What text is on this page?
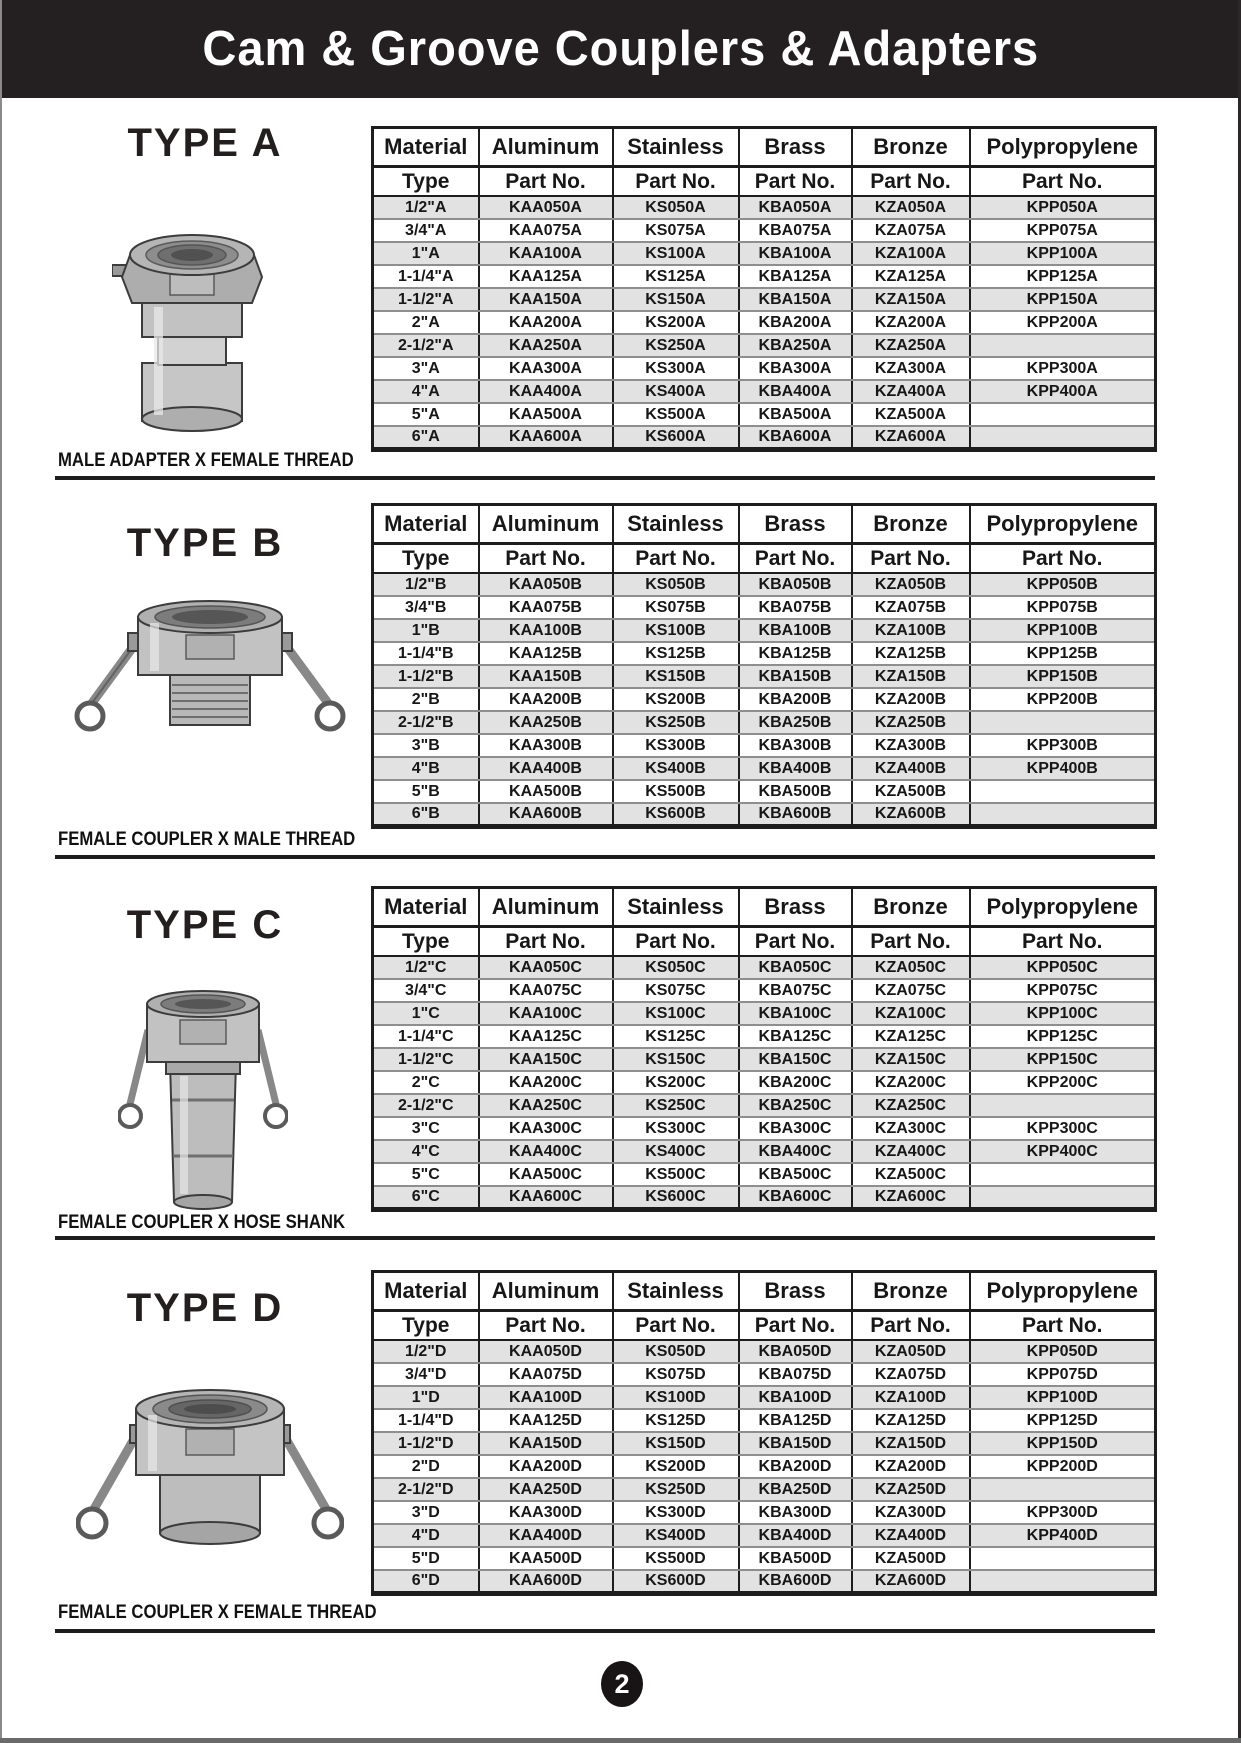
Cam & Groove Couplers & Adapters
TYPE A
MALE ADAPTER X FEMALE THREAD
Material	Aluminum	Stainless	Brass	Bronze	Polypropylene
Type	Part No.	Part No.	Part No.	Part No.	Part No.
1/2"A	KAA050A	KS050A	KBA050A	KZA050A	KPP050A
3/4"A	KAA075A	KS075A	KBA075A	KZA075A	KPP075A
1"A	KAA100A	KS100A	KBA100A	KZA100A	KPP100A
1-1/4"A	KAA125A	KS125A	KBA125A	KZA125A	KPP125A
1-1/2"A	KAA150A	KS150A	KBA150A	KZA150A	KPP150A
2"A	KAA200A	KS200A	KBA200A	KZA200A	KPP200A
2-1/2"A	KAA250A	KS250A	KBA250A	KZA250A	
3"A	KAA300A	KS300A	KBA300A	KZA300A	KPP300A
4"A	KAA400A	KS400A	KBA400A	KZA400A	KPP400A
5"A	KAA500A	KS500A	KBA500A	KZA500A	
6"A	KAA600A	KS600A	KBA600A	KZA600A	
TYPE B
FEMALE COUPLER X MALE THREAD
Material	Aluminum	Stainless	Brass	Bronze	Polypropylene
Type	Part No.	Part No.	Part No.	Part No.	Part No.
1/2"B	KAA050B	KS050B	KBA050B	KZA050B	KPP050B
3/4"B	KAA075B	KS075B	KBA075B	KZA075B	KPP075B
1"B	KAA100B	KS100B	KBA100B	KZA100B	KPP100B
1-1/4"B	KAA125B	KS125B	KBA125B	KZA125B	KPP125B
1-1/2"B	KAA150B	KS150B	KBA150B	KZA150B	KPP150B
2"B	KAA200B	KS200B	KBA200B	KZA200B	KPP200B
2-1/2"B	KAA250B	KS250B	KBA250B	KZA250B	
3"B	KAA300B	KS300B	KBA300B	KZA300B	KPP300B
4"B	KAA400B	KS400B	KBA400B	KZA400B	KPP400B
5"B	KAA500B	KS500B	KBA500B	KZA500B	
6"B	KAA600B	KS600B	KBA600B	KZA600B	
TYPE C
FEMALE COUPLER X HOSE SHANK
Material	Aluminum	Stainless	Brass	Bronze	Polypropylene
Type	Part No.	Part No.	Part No.	Part No.	Part No.
1/2"C	KAA050C	KS050C	KBA050C	KZA050C	KPP050C
3/4"C	KAA075C	KS075C	KBA075C	KZA075C	KPP075C
1"C	KAA100C	KS100C	KBA100C	KZA100C	KPP100C
1-1/4"C	KAA125C	KS125C	KBA125C	KZA125C	KPP125C
1-1/2"C	KAA150C	KS150C	KBA150C	KZA150C	KPP150C
2"C	KAA200C	KS200C	KBA200C	KZA200C	KPP200C
2-1/2"C	KAA250C	KS250C	KBA250C	KZA250C	
3"C	KAA300C	KS300C	KBA300C	KZA300C	KPP300C
4"C	KAA400C	KS400C	KBA400C	KZA400C	KPP400C
5"C	KAA500C	KS500C	KBA500C	KZA500C	
6"C	KAA600C	KS600C	KBA600C	KZA600C	
TYPE D
FEMALE COUPLER X FEMALE THREAD
Material	Aluminum	Stainless	Brass	Bronze	Polypropylene
Type	Part No.	Part No.	Part No.	Part No.	Part No.
1/2"D	KAA050D	KS050D	KBA050D	KZA050D	KPP050D
3/4"D	KAA075D	KS075D	KBA075D	KZA075D	KPP075D
1"D	KAA100D	KS100D	KBA100D	KZA100D	KPP100D
1-1/4"D	KAA125D	KS125D	KBA125D	KZA125D	KPP125D
1-1/2"D	KAA150D	KS150D	KBA150D	KZA150D	KPP150D
2"D	KAA200D	KS200D	KBA200D	KZA200D	KPP200D
2-1/2"D	KAA250D	KS250D	KBA250D	KZA250D	
3"D	KAA300D	KS300D	KBA300D	KZA300D	KPP300D
4"D	KAA400D	KS400D	KBA400D	KZA400D	KPP400D
5"D	KAA500D	KS500D	KBA500D	KZA500D	
6"D	KAA600D	KS600D	KBA600D	KZA600D	
2
